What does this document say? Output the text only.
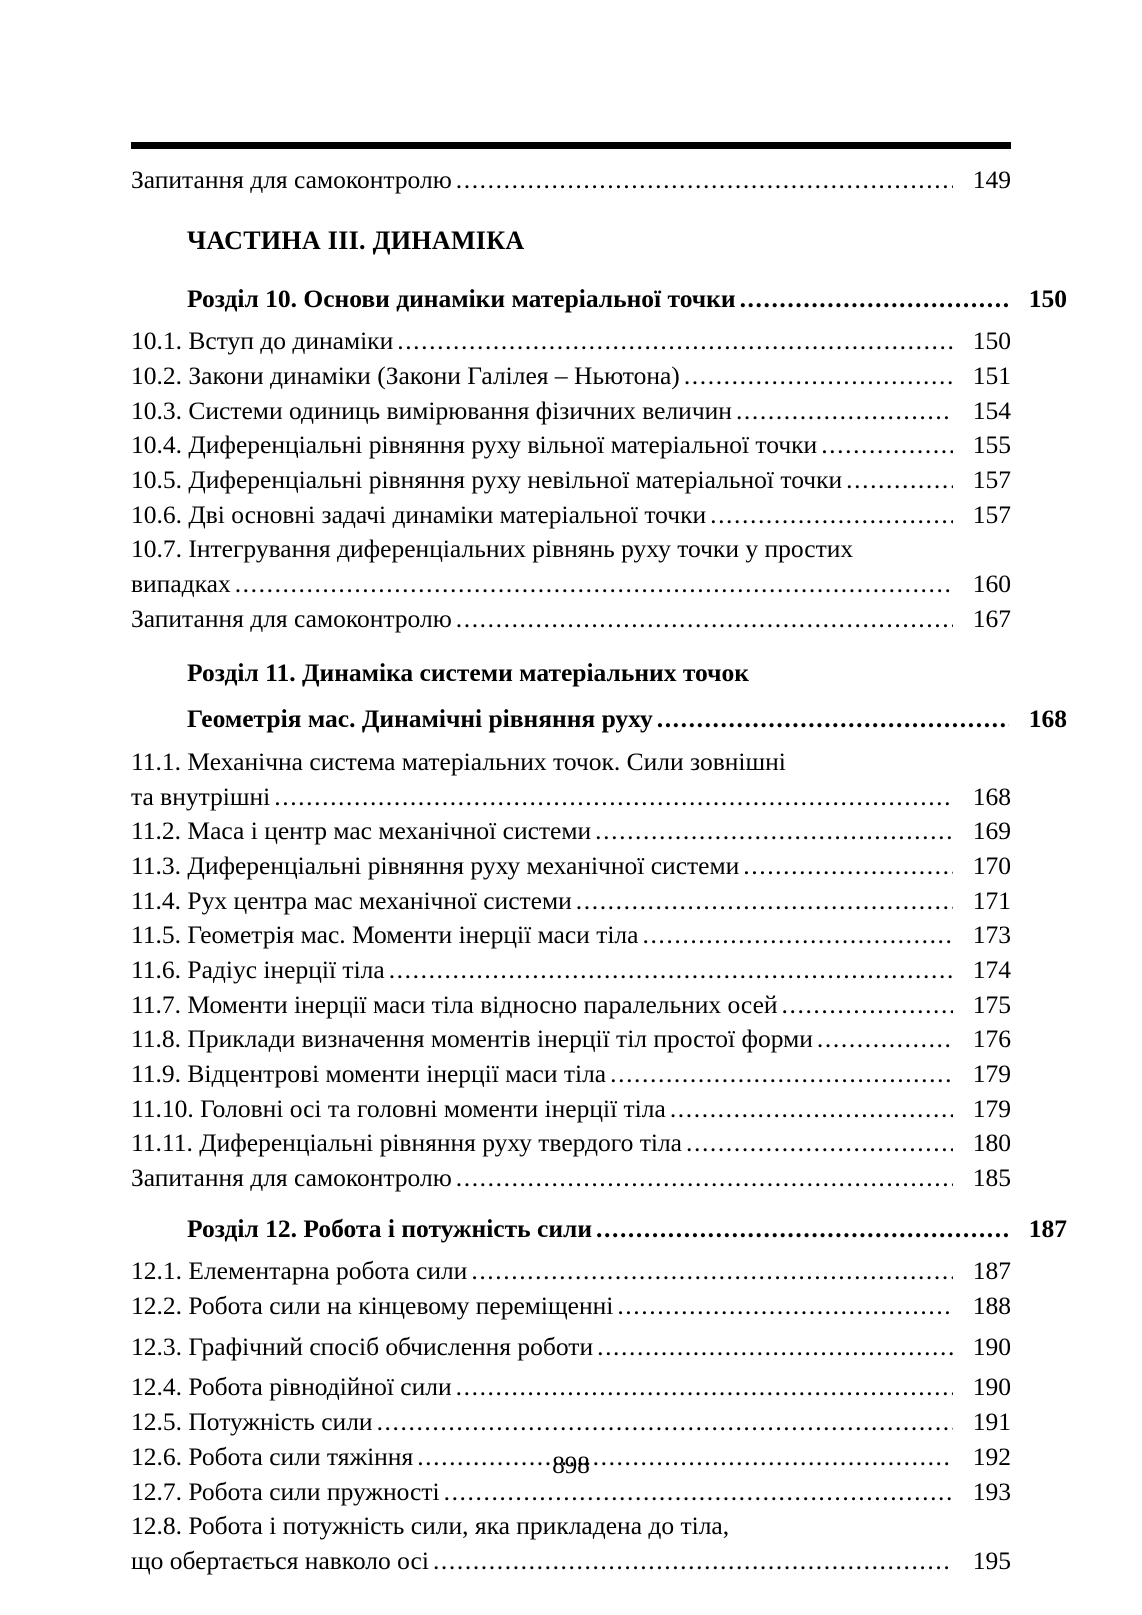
Запитання для самоконтролю .....	149
ЧАСТИНА III. ДИНАМІКА
Розділ 10. Основи динаміки матеріальної точки .....	150
10.1. Вступ до динаміки .....	150
10.2. Закони динаміки (Закони Галілея – Ньютона) .....	151
10.3. Системи одиниць вимірювання фізичних величин .....	154
10.4. Диференціальні рівняння руху вільної матеріальної точки .....	155
10.5. Диференціальні рівняння руху невільної матеріальної точки .....	157
10.6. Дві основні задачі динаміки матеріальної точки .....	157
10.7. Інтегрування диференціальних рівнянь руху точки у простих
випадках .....	160
Запитання для самоконтролю .....	167
Розділ 11. Динаміка системи матеріальних точок
Геометрія мас. Динамічні рівняння руху .....	168
11.1. Механічна система матеріальних точок. Сили зовнішні
та внутрішні .....	168
11.2. Маса і центр мас механічної системи .....	169
11.3. Диференціальні рівняння руху механічної системи .....	170
11.4. Рух центра мас механічної системи .....	171
11.5. Геометрія мас. Моменти інерції маси тіла .....	173
11.6. Радіус інерції тіла .....	174
11.7. Моменти інерції маси тіла відносно паралельних осей .....	175
11.8. Приклади визначення моментів інерції тіл простої форми .....	176
11.9. Відцентрові моменти інерції маси тіла .....	179
11.10. Головні осі та головні моменти інерції тіла .....	179
11.11. Диференціальні рівняння руху твердого тіла .....	180
Запитання для самоконтролю .....	185
Розділ 12. Робота і потужність сили .....	187
12.1. Елементарна робота сили .....	187
12.2. Робота сили на кінцевому переміщенні .....	188
12.3. Графічний спосіб обчислення роботи .....	190
12.4. Робота рівнодійної сили .....	190
12.5. Потужність сили .....	191
12.6. Робота сили тяжіння .....	192
12.7. Робота сили пружності .....	193
12.8. Робота і потужність сили, яка прикладена до тіла,
що обертається навколо осі .....	195
898
